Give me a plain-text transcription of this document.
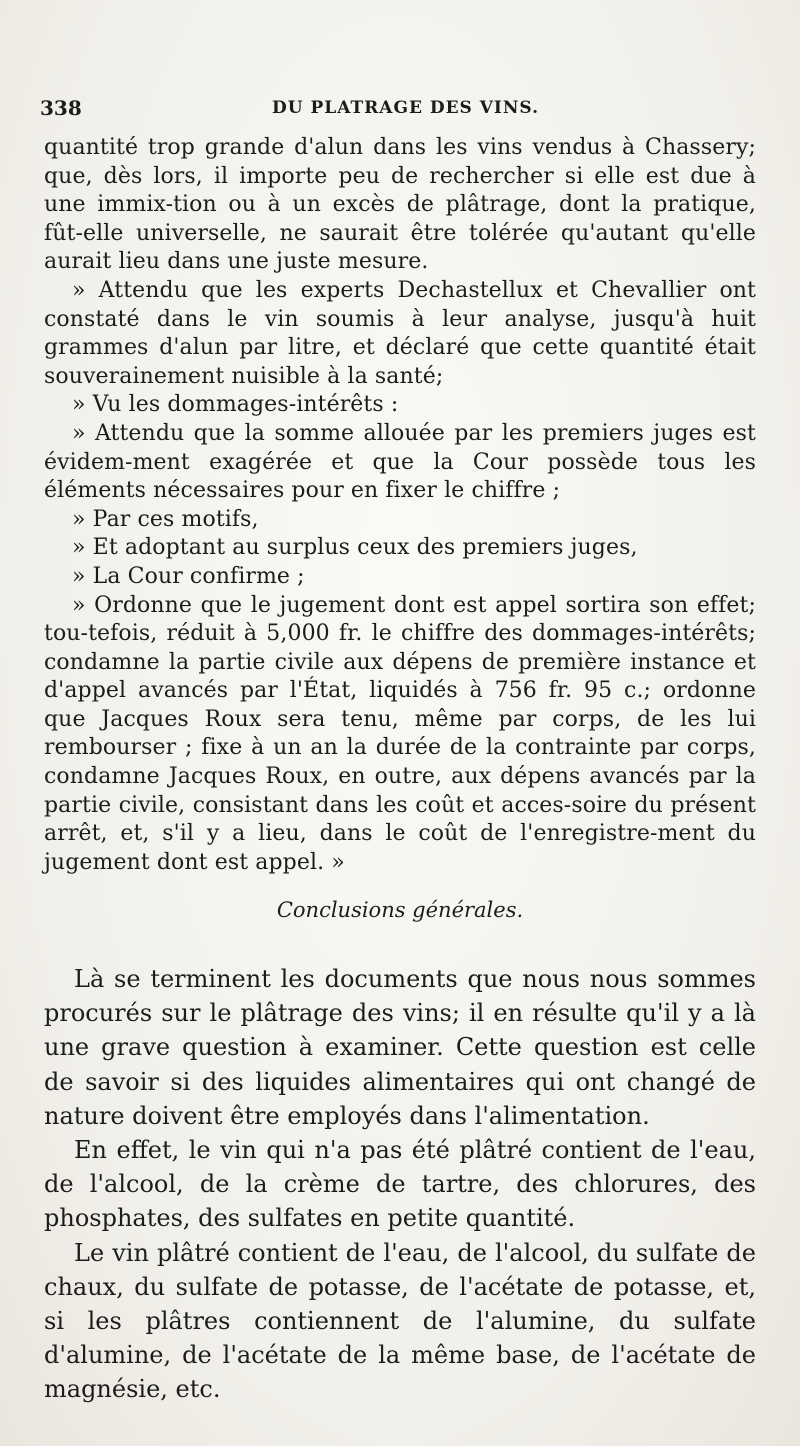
338	DU PLATRAGE DES VINS.

quantité trop grande d'alun dans les vins vendus à Chassery; que, dès lors, il importe peu de rechercher si elle est due à une immix-tion ou à un excès de plâtrage, dont la pratique, fût-elle universelle, ne saurait être tolérée qu'autant qu'elle aurait lieu dans une juste mesure.

» Attendu que les experts Dechastellux et Chevallier ont constaté dans le vin soumis à leur analyse, jusqu'à huit grammes d'alun par litre, et déclaré que cette quantité était souverainement nuisible à la santé;

» Vu les dommages-intérêts :

» Attendu que la somme allouée par les premiers juges est évidem-ment exagérée et que la Cour possède tous les éléments nécessaires pour en fixer le chiffre ;

» Par ces motifs,

» Et adoptant au surplus ceux des premiers juges,

» La Cour confirme ;

» Ordonne que le jugement dont est appel sortira son effet; tou-tefois, réduit à 5,000 fr. le chiffre des dommages-intérêts; condamne la partie civile aux dépens de première instance et d'appel avancés par l'État, liquidés à 756 fr. 95 c.; ordonne que Jacques Roux sera tenu, même par corps, de les lui rembourser ; fixe à un an la durée de la contrainte par corps, condamne Jacques Roux, en outre, aux dépens avancés par la partie civile, consistant dans les coût et acces-soire du présent arrêt, et, s'il y a lieu, dans le coût de l'enregistre-ment du jugement dont est appel. »

Conclusions générales.

Là se terminent les documents que nous nous sommes procurés sur le plâtrage des vins; il en résulte qu'il y a là une grave question à examiner. Cette question est celle de savoir si des liquides alimentaires qui ont changé de nature doivent être employés dans l'alimentation.

En effet, le vin qui n'a pas été plâtré contient de l'eau, de l'alcool, de la crème de tartre, des chlorures, des phosphates, des sulfates en petite quantité.

Le vin plâtré contient de l'eau, de l'alcool, du sulfate de chaux, du sulfate de potasse, de l'acétate de potasse, et, si les plâtres contiennent de l'alumine, du sulfate d'alumine, de l'acétate de la même base, de l'acétate de magnésie, etc.
